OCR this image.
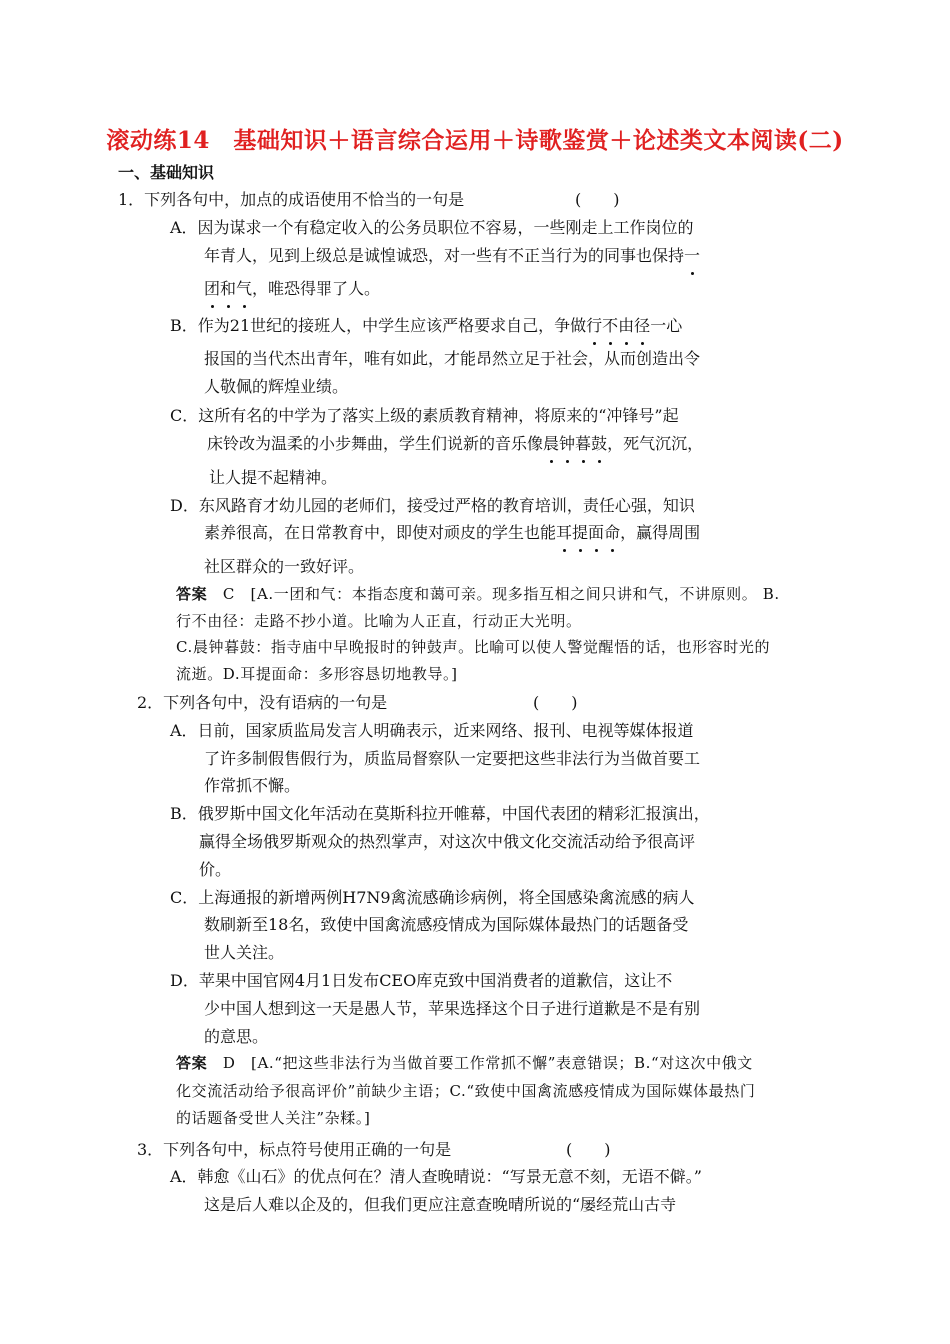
滚动练14　基础知识＋语言综合运用＋诗歌鉴赏＋论述类文本阅读(二)
一、基础知识
1．下列各句中，加点的成语使用不恰当的一句是	(　　)
A．因为谋求一个有稳定收入的公务员职位不容易，一些刚走上工作岗位的
年青人，见到上级总是诚惶诚恐，对一些有不正当行为的同事也保持一
团和气，唯恐得罪了人。
B．作为21世纪的接班人，中学生应该严格要求自己，争做行不由径一心
报国的当代杰出青年，唯有如此，才能昂然立足于社会，从而创造出令
人敬佩的辉煌业绩。
C．这所有名的中学为了落实上级的素质教育精神，将原来的“冲锋号”起
床铃改为温柔的小步舞曲，学生们说新的音乐像晨钟暮鼓，死气沉沉，
让人提不起精神。
D．东风路育才幼儿园的老师们，接受过严格的教育培训，责任心强，知识
素养很高，在日常教育中，即使对顽皮的学生也能耳提面命，赢得周围
社区群众的一致好评。
答案　 C　[A.一团和气：本指态度和蔼可亲。现多指互相之间只讲和气，不讲原则。 B.
行不由径：走路不抄小道。比喻为人正直，行动正大光明。
C.晨钟暮鼓：指寺庙中早晚报时的钟鼓声。比喻可以使人警觉醒悟的话，也形容时光的
流逝。D.耳提面命：多形容恳切地教导。]
2．下列各句中，没有语病的一句是	(　　)
A．日前，国家质监局发言人明确表示，近来网络、报刊、电视等媒体报道
了许多制假售假行为，质监局督察队一定要把这些非法行为当做首要工
作常抓不懈。
B．俄罗斯中国文化年活动在莫斯科拉开帷幕，中国代表团的精彩汇报演出，
赢得全场俄罗斯观众的热烈掌声，对这次中俄文化交流活动给予很高评
价。
C．上海通报的新增两例H7N9禽流感确诊病例，将全国感染禽流感的病人
数刷新至18名，致使中国禽流感疫情成为国际媒体最热门的话题备受
世人关注。
D．苹果中国官网4月1日发布CEO库克致中国消费者的道歉信，这让不
少中国人想到这一天是愚人节，苹果选择这个日子进行道歉是不是有别
的意思。
答案　 D　[A.“把这些非法行为当做首要工作常抓不懈”表意错误；B.“对这次中俄文
化交流活动给予很高评价”前缺少主语；C.“致使中国禽流感疫情成为国际媒体最热门
的话题备受世人关注”杂糅。]
3．下列各句中，标点符号使用正确的一句是	(　　)
A．韩愈《山石》的优点何在？清人查晚晴说：“写景无意不刻，无语不僻。”
这是后人难以企及的，但我们更应注意查晚晴所说的“屡经荒山古寺
